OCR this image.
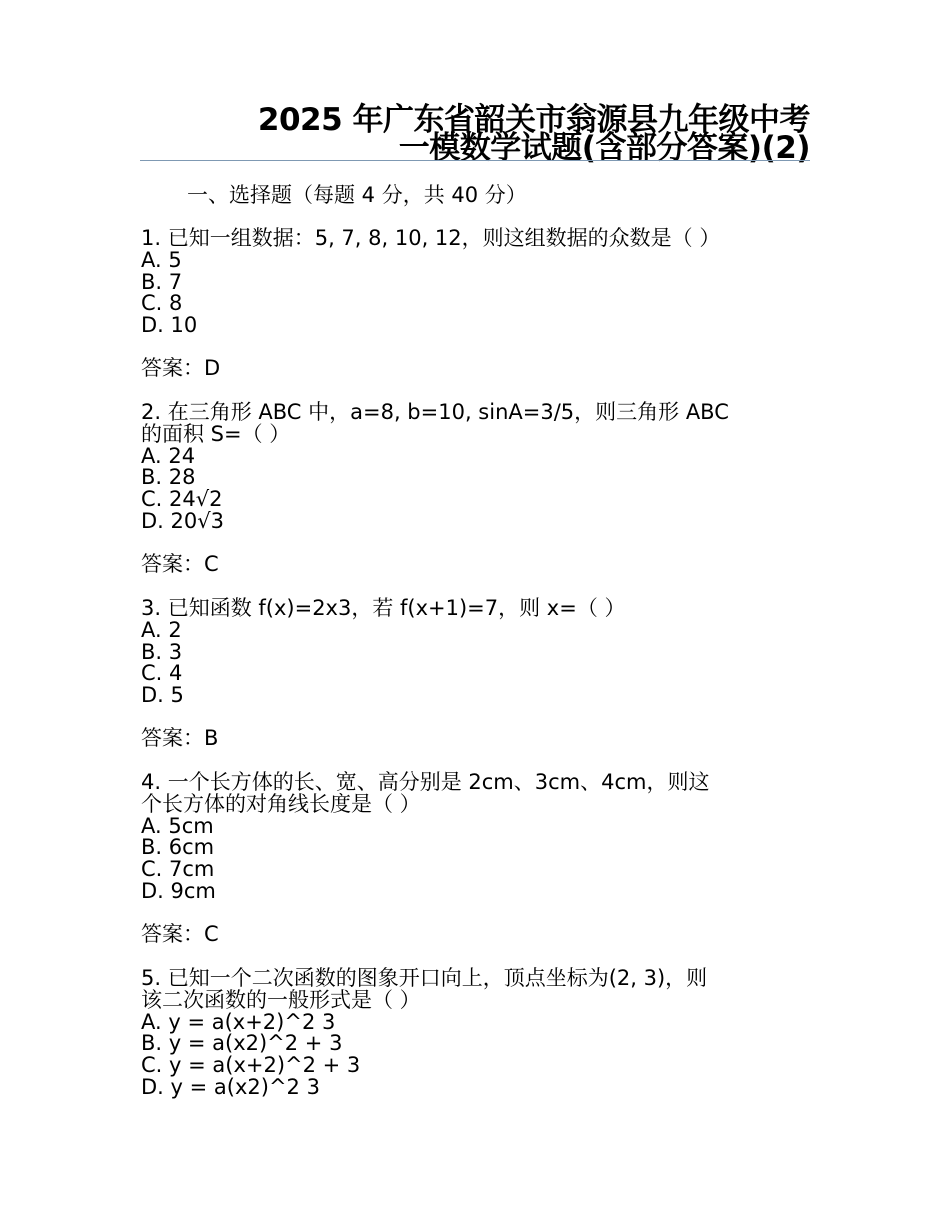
2025 年广东省韶关市翁源县九年级中考
一模数学试题(含部分答案)(2)
一、选择题（每题 4 分，共 40 分）
1. 已知一组数据：5, 7, 8, 10, 12，则这组数据的众数是（ ）
A. 5
B. 7
C. 8
D. 10
答案：D
2. 在三角形 ABC 中，a=8, b=10, sinA=3/5，则三角形 ABC
的面积 S=（ ）
A. 24
B. 28
C. 24√2
D. 20√3
答案：C
3. 已知函数 f(x)=2x3，若 f(x+1)=7，则 x=（ ）
A. 2
B. 3
C. 4
D. 5
答案：B
4. 一个长方体的长、宽、高分别是 2cm、3cm、4cm，则这
个长方体的对角线长度是（ ）
A. 5cm
B. 6cm
C. 7cm
D. 9cm
答案：C
5. 已知一个二次函数的图象开口向上，顶点坐标为(2, 3)，则
该二次函数的一般形式是（ ）
A. y = a(x+2)^2 3
B. y = a(x2)^2 + 3
C. y = a(x+2)^2 + 3
D. y = a(x2)^2 3
